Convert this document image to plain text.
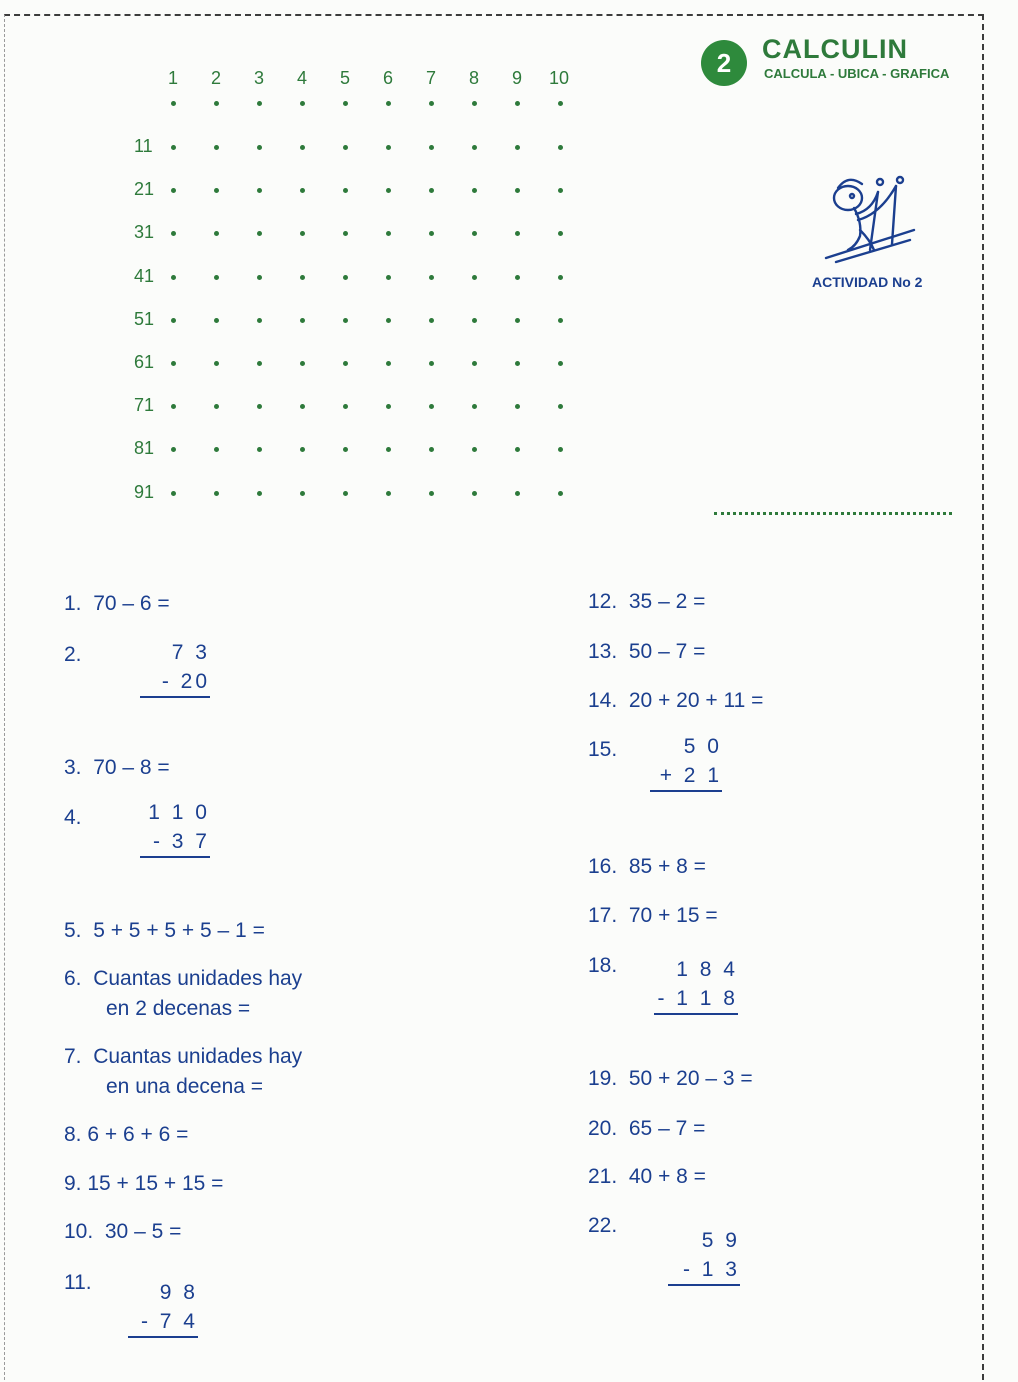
1 2 3 4 5 6 7 8 9 10
11
21
31
41
51
61
71
81
91
2	CALCULIN
CALCULA - UBICA - GRAFICA
ACTIVIDAD No 2
1. 70 – 6 =
2.	7 3
- 20
3. 70 – 8 =
4.	1 1 0
- 3 7
5. 5 + 5 + 5 + 5 – 1 =
6. Cuantas unidades hay
en 2 decenas =
7. Cuantas unidades hay
en una decena =
8. 6 + 6 + 6 =
9. 15 + 15 + 15 =
10. 30 – 5 =
11.	9 8
- 7 4
12. 35 – 2 =
13. 50 – 7 =
14. 20 + 20 + 11 =
15.	5 0
+ 2 1
16. 85 + 8 =
17. 70 + 15 =
18.	1 8 4
- 1 1 8
19. 50 + 20 – 3 =
20. 65 – 7 =
21. 40 + 8 =
22.
5 9
- 1 3
